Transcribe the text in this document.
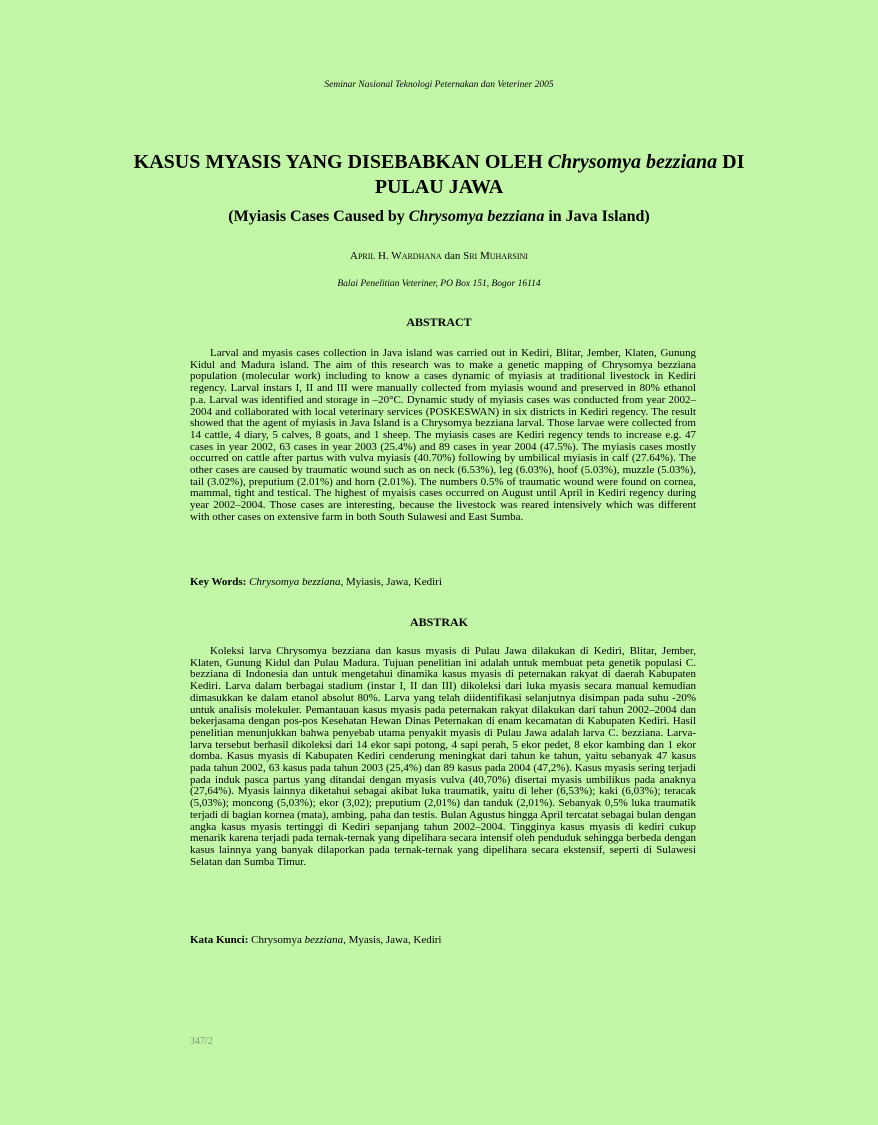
Seminar Nasional Teknologi Peternakan dan Veteriner 2005
KASUS MYASIS YANG DISEBABKAN OLEH Chrysomya bezziana DI PULAU JAWA
(Myiasis Cases Caused by Chrysomya bezziana in Java Island)
April H. Wardhana dan Sri Muharsini
Balai Penelitian Veteriner, PO Box 151, Bogor 16114
ABSTRACT
Larval and myasis cases collection in Java island was carried out in Kediri, Blitar, Jember, Klaten, Gunung Kidul and Madura island. The aim of this research was to make a genetic mapping of Chrysomya bezziana population (molecular work) including to know a cases dynamic of myiasis at traditional livestock in Kediri regency. Larval instars I, II and III were manually collected from myiasis wound and preserved in 80% ethanol p.a. Larval was identified and storage in –20°C. Dynamic study of myiasis cases was conducted from year 2002–2004 and collaborated with local veterinary services (POSKESWAN) in six districts in Kediri regency. The result showed that the agent of myiasis in Java Island is a Chrysomya bezziana larval. Those larvae were collected from 14 cattle, 4 diary, 5 calves, 8 goats, and 1 sheep. The myiasis cases are Kediri regency tends to increase e.g. 47 cases in year 2002, 63 cases in year 2003 (25.4%) and 89 cases in year 2004 (47.5%). The myiasis cases mostly occurred on cattle after partus with vulva myiasis (40.70%) following by umbilical myiasis in calf (27.64%). The other cases are caused by traumatic wound such as on neck (6.53%), leg (6.03%), hoof (5.03%), muzzle (5.03%), tail (3.02%), preputium (2.01%) and horn (2.01%). The numbers 0.5% of traumatic wound were found on cornea, mammal, tight and testical. The highest of myaisis cases occurred on August until April in Kediri regency during year 2002–2004. Those cases are interesting, because the livestock was reared intensively which was different with other cases on extensive farm in both South Sulawesi and East Sumba.
Key Words: Chrysomya bezziana, Myiasis, Jawa, Kediri
ABSTRAK
Koleksi larva Chrysomya bezziana dan kasus myasis di Pulau Jawa dilakukan di Kediri, Blitar, Jember, Klaten, Gunung Kidul dan Pulau Madura. Tujuan penelitian ini adalah untuk membuat peta genetik populasi C. bezziana di Indonesia dan untuk mengetahui dinamika kasus myasis di peternakan rakyat di daerah Kabupaten Kediri. Larva dalam berbagai stadium (instar I, II dan III) dikoleksi dari luka myasis secara manual kemudian dimasukkan ke dalam etanol absolut 80%. Larva yang telah diidentifikasi selanjutnya disimpan pada suhu -20% untuk analisis molekuler. Pemantauan kasus myasis pada peternakan rakyat dilakukan dari tahun 2002–2004 dan bekerjasama dengan pos-pos Kesehatan Hewan Dinas Peternakan di enam kecamatan di Kabupaten Kediri. Hasil penelitian menunjukkan bahwa penyebab utama penyakit myasis di Pulau Jawa adalah larva C. bezziana. Larva-larva tersebut berhasil dikoleksi dari 14 ekor sapi potong, 4 sapi perah, 5 ekor pedet, 8 ekor kambing dan 1 ekor domba. Kasus myasis di Kabupaten Kediri cenderung meningkat dari tahun ke tahun, yaitu sebanyak 47 kasus pada tahun 2002, 63 kasus pada tahun 2003 (25,4%) dan 89 kasus pada 2004 (47,2%). Kasus myasis sering terjadi pada induk pasca partus yang ditandai dengan myasis vulva (40,70%) disertai myasis umbilikus pada anaknya (27,64%). Myasis lainnya diketahui sebagai akibat luka traumatik, yaitu di leher (6,53%); kaki (6,03%); teracak (5,03%); moncong (5,03%); ekor (3,02); preputium (2,01%) dan tanduk (2,01%). Sebanyak 0,5% luka traumatik terjadi di bagian kornea (mata), ambing, paha dan testis. Bulan Agustus hingga April tercatat sebagai bulan dengan angka kasus myasis tertinggi di Kediri sepanjang tahun 2002–2004. Tingginya kasus myasis di kediri cukup menarik karena terjadi pada ternak-ternak yang dipelihara secara intensif oleh penduduk sehingga berbeda dengan kasus lainnya yang banyak dilaporkan pada ternak-ternak yang dipelihara secara ekstensif, seperti di Sulawesi Selatan dan Sumba Timur.
Kata Kunci: Chrysomya bezziana, Myasis, Jawa, Kediri
347/2
